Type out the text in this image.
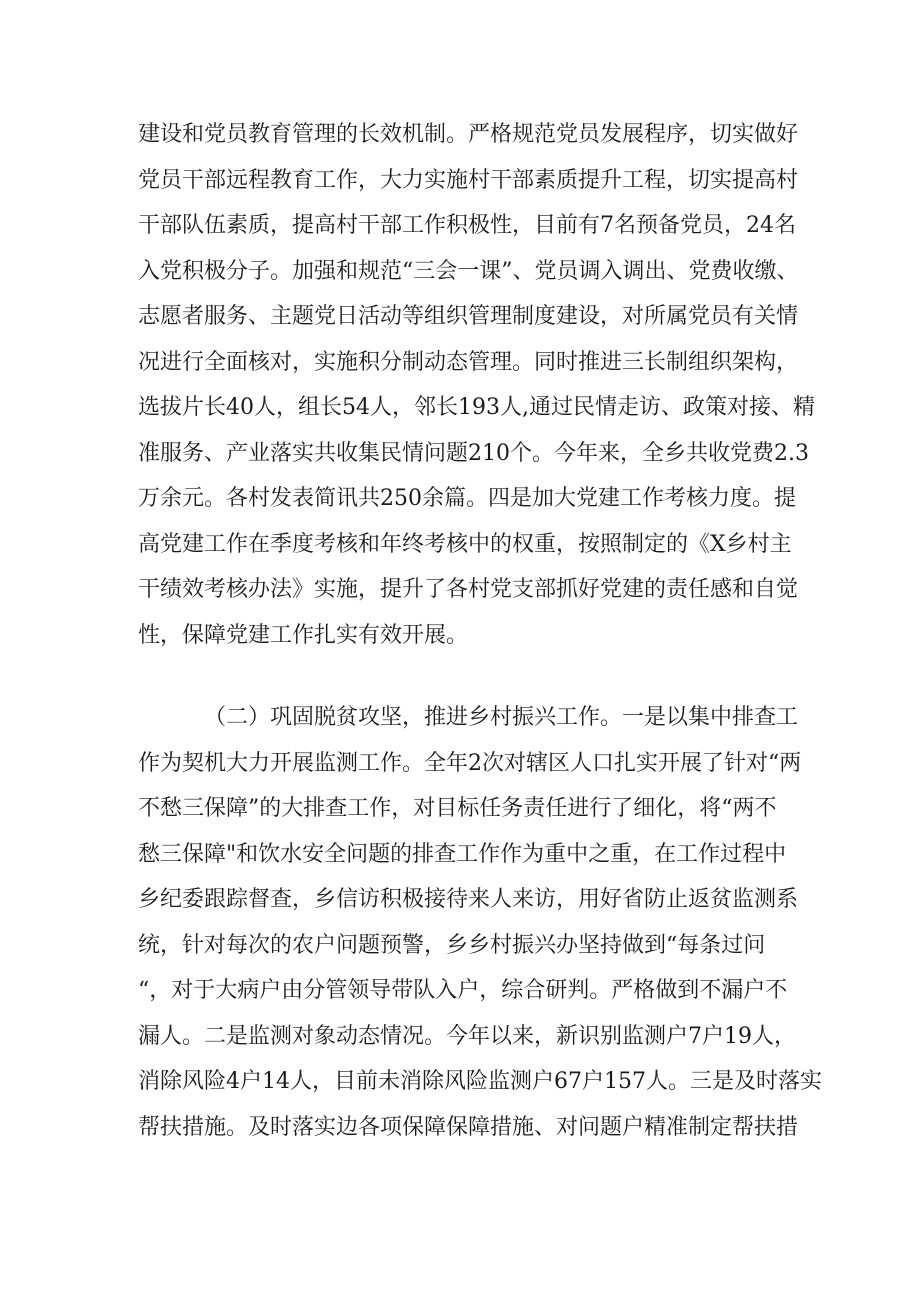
建设和党员教育管理的长效机制。严格规范党员发展程序，切实做好
党员干部远程教育工作，大力实施村干部素质提升工程，切实提高村
干部队伍素质，提高村干部工作积极性，目前有7名预备党员，24名
入党积极分子。加强和规范“三会一课”、党员调入调出、党费收缴、
志愿者服务、主题党日活动等组织管理制度建设，对所属党员有关情
况进行全面核对，实施积分制动态管理。同时推进三长制组织架构，
选拔片长40人，组长54人，邻长193人,通过民情走访、政策对接、精
准服务、产业落实共收集民情问题210个。今年来，全乡共收党费2.3
万余元。各村发表简讯共250余篇。四是加大党建工作考核力度。提
高党建工作在季度考核和年终考核中的权重，按照制定的《X乡村主
干绩效考核办法》实施，提升了各村党支部抓好党建的责任感和自觉
性，保障党建工作扎实有效开展。
（二）巩固脱贫攻坚，推进乡村振兴工作。一是以集中排查工
作为契机大力开展监测工作。全年2次对辖区人口扎实开展了针对“两
不愁三保障”的大排查工作，对目标任务责任进行了细化，将“两不
愁三保障"和饮水安全问题的排查工作作为重中之重，在工作过程中
乡纪委跟踪督查，乡信访积极接待来人来访，用好省防止返贫监测系
统，针对每次的农户问题预警，乡乡村振兴办坚持做到“每条过问
“，对于大病户由分管领导带队入户，综合研判。严格做到不漏户不
漏人。二是监测对象动态情况。今年以来，新识别监测户7户19人，
消除风险4户14人，目前未消除风险监测户67户157人。三是及时落实
帮扶措施。及时落实边各项保障保障措施、对问题户精准制定帮扶措
